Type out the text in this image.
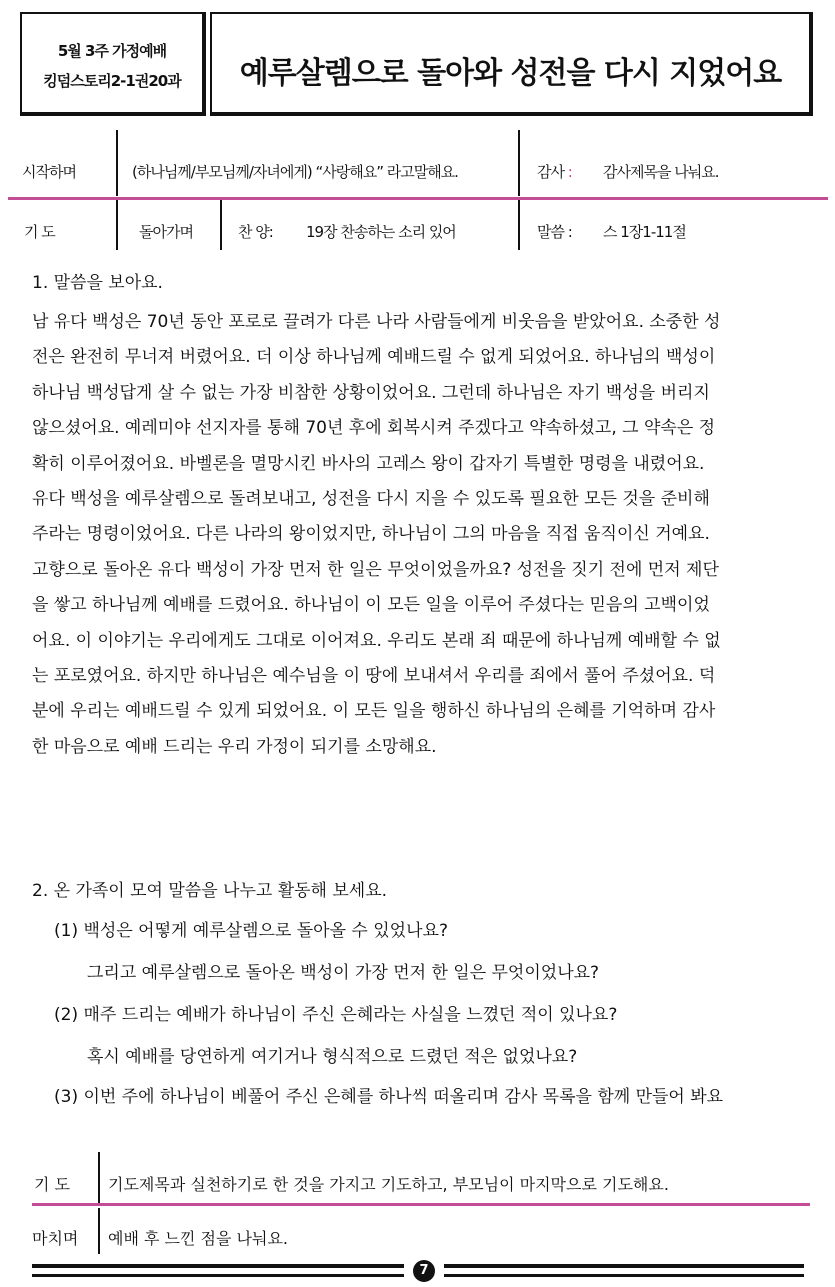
5월 3주 가정예배
킹덤스토리2-1권20과	예루살렘으로 돌아와 성전을 다시 지었어요
시작하며	(하나님께/부모님께/자녀에게) “사랑해요” 라고말해요.	감사 : 감사제목을 나눠요.
기 도	돌아가며	찬 양: 19장 찬송하는 소리 있어	말씀 : 스 1장1-11절
1. 말씀을 보아요.
남 유다 백성은 70년 동안 포로로 끌려가 다른 나라 사람들에게 비웃음을 받았어요. 소중한 성
전은 완전히 무너져 버렸어요. 더 이상 하나님께 예배드릴 수 없게 되었어요. 하나님의 백성이
하나님 백성답게 살 수 없는 가장 비참한 상황이었어요. 그런데 하나님은 자기 백성을 버리지
않으셨어요. 예레미야 선지자를 통해 70년 후에 회복시켜 주겠다고 약속하셨고, 그 약속은 정
확히 이루어졌어요. 바벨론을 멸망시킨 바사의 고레스 왕이 갑자기 특별한 명령을 내렸어요.
유다 백성을 예루살렘으로 돌려보내고, 성전을 다시 지을 수 있도록 필요한 모든 것을 준비해
주라는 명령이었어요. 다른 나라의 왕이었지만, 하나님이 그의 마음을 직접 움직이신 거예요.
고향으로 돌아온 유다 백성이 가장 먼저 한 일은 무엇이었을까요? 성전을 짓기 전에 먼저 제단
을 쌓고 하나님께 예배를 드렸어요. 하나님이 이 모든 일을 이루어 주셨다는 믿음의 고백이었
어요. 이 이야기는 우리에게도 그대로 이어져요. 우리도 본래 죄 때문에 하나님께 예배할 수 없
는 포로였어요. 하지만 하나님은 예수님을 이 땅에 보내셔서 우리를 죄에서 풀어 주셨어요. 덕
분에 우리는 예배드릴 수 있게 되었어요. 이 모든 일을 행하신 하나님의 은혜를 기억하며 감사
한 마음으로 예배 드리는 우리 가정이 되기를 소망해요.
2. 온 가족이 모여 말씀을 나누고 활동해 보세요.
(1) 백성은 어떻게 예루살렘으로 돌아올 수 있었나요?
그리고 예루살렘으로 돌아온 백성이 가장 먼저 한 일은 무엇이었나요?
(2) 매주 드리는 예배가 하나님이 주신 은혜라는 사실을 느꼈던 적이 있나요?
혹시 예배를 당연하게 여기거나 형식적으로 드렸던 적은 없었나요?
(3) 이번 주에 하나님이 베풀어 주신 은혜를 하나씩 떠올리며 감사 목록을 함께 만들어 봐요
기 도 기도제목과 실천하기로 한 것을 가지고 기도하고, 부모님이 마지막으로 기도해요.
마치며 예배 후 느낀 점을 나눠요.
7
